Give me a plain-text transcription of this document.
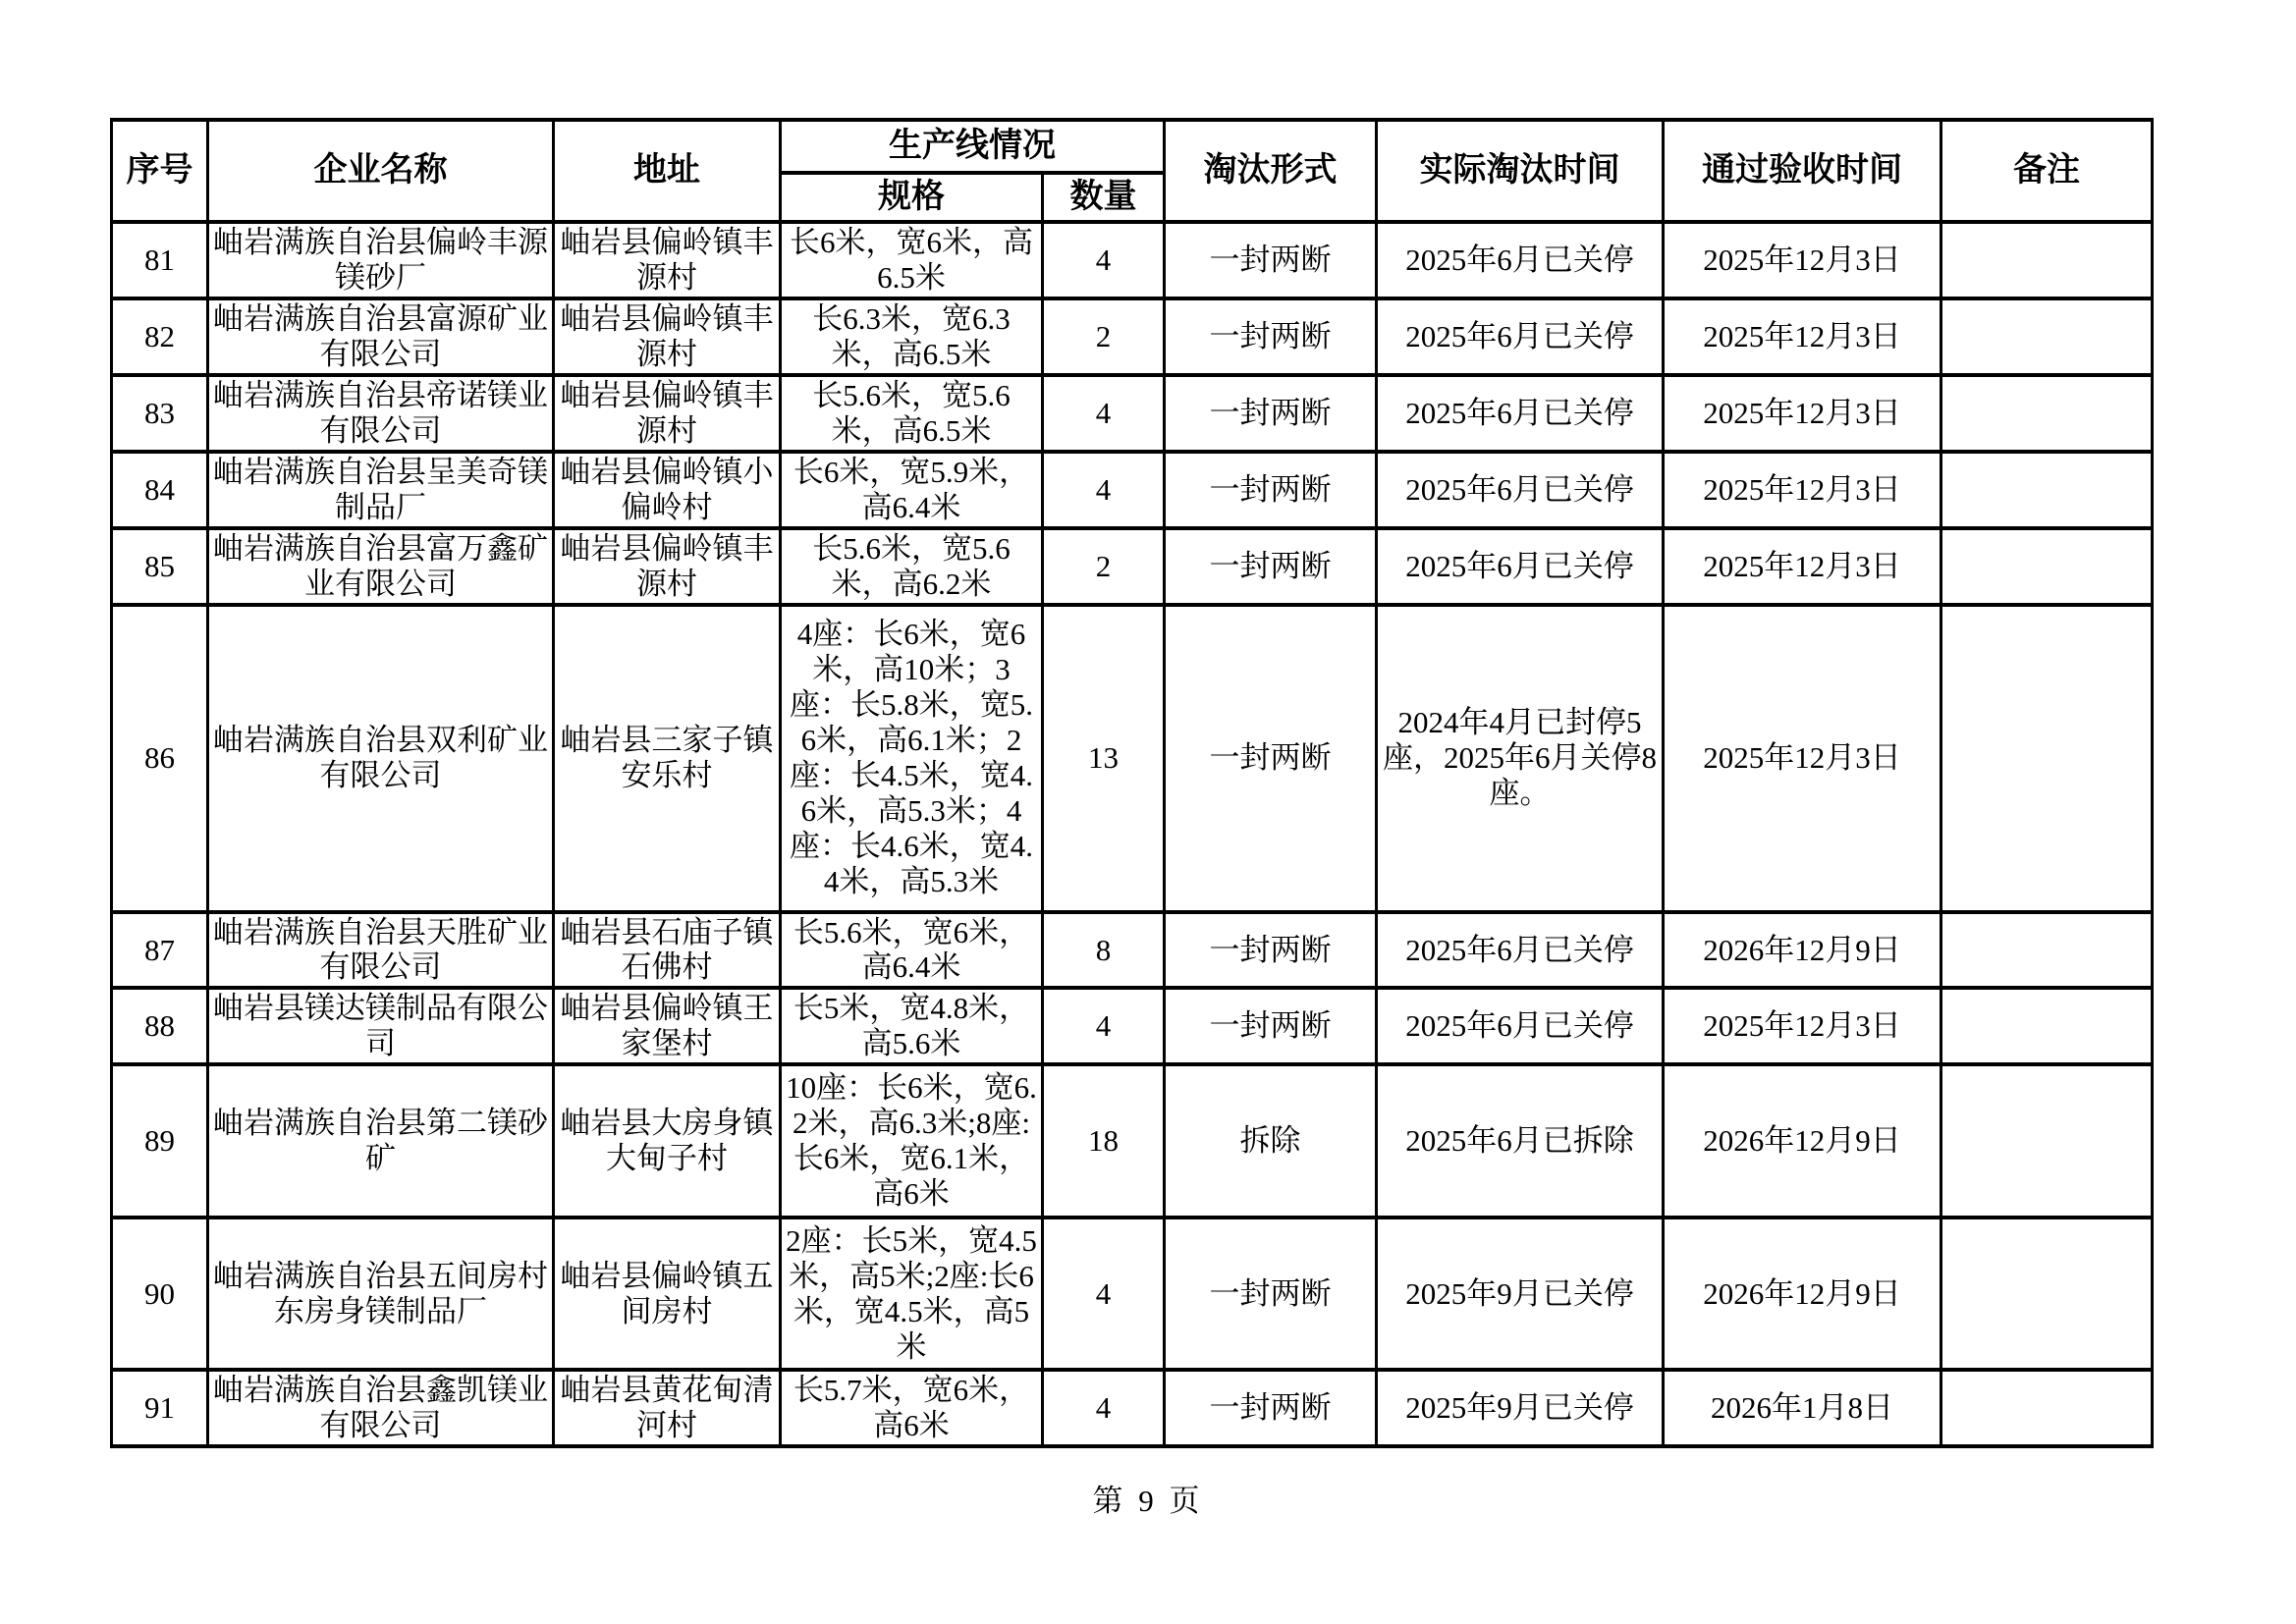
序号	企业名称	地址	生产线情况		淘汰形式	实际淘汰时间	通过验收时间	备注
			规格	数量				
81	岫岩满族自治县偏岭丰源镁砂厂	岫岩县偏岭镇丰源村	长6米，宽6米，高6.5米	4	一封两断	2025年6月已关停	2025年12月3日	
82	岫岩满族自治县富源矿业有限公司	岫岩县偏岭镇丰源村	长6.3米，宽6.3米，高6.5米	2	一封两断	2025年6月已关停	2025年12月3日	
83	岫岩满族自治县帝诺镁业有限公司	岫岩县偏岭镇丰源村	长5.6米，宽5.6米，高6.5米	4	一封两断	2025年6月已关停	2025年12月3日	
84	岫岩满族自治县呈美奇镁制品厂	岫岩县偏岭镇小偏岭村	长6米，宽5.9米，高6.4米	4	一封两断	2025年6月已关停	2025年12月3日	
85	岫岩满族自治县富万鑫矿业有限公司	岫岩县偏岭镇丰源村	长5.6米，宽5.6米，高6.2米	2	一封两断	2025年6月已关停	2025年12月3日	
86	岫岩满族自治县双利矿业有限公司	岫岩县三家子镇安乐村	4座：长6米，宽6米，高10米；3座：长5.8米，宽5.6米，高6.1米；2座：长4.5米，宽4.6米，高5.3米；4座：长4.6米，宽4.4米，高5.3米	13	一封两断	2024年4月已封停5座，2025年6月关停8座。	2025年12月3日	
87	岫岩满族自治县天胜矿业有限公司	岫岩县石庙子镇石佛村	长5.6米，宽6米，高6.4米	8	一封两断	2025年6月已关停	2026年12月9日	
88	岫岩县镁达镁制品有限公司	岫岩县偏岭镇王家堡村	长5米，宽4.8米，高5.6米	4	一封两断	2025年6月已关停	2025年12月3日	
89	岫岩满族自治县第二镁砂矿	岫岩县大房身镇大甸子村	10座：长6米，宽6.2米，高6.3米;8座:长6米，宽6.1米，高6米	18	拆除	2025年6月已拆除	2026年12月9日	
90	岫岩满族自治县五间房村东房身镁制品厂	岫岩县偏岭镇五间房村	2座：长5米，宽4.5米，高5米;2座:长6米，宽4.5米，高5米	4	一封两断	2025年9月已关停	2026年12月9日	
91	岫岩满族自治县鑫凯镁业有限公司	岫岩县黄花甸清河村	长5.7米，宽6米，高6米	4	一封两断	2025年9月已关停	2026年1月8日	
第 9 页
